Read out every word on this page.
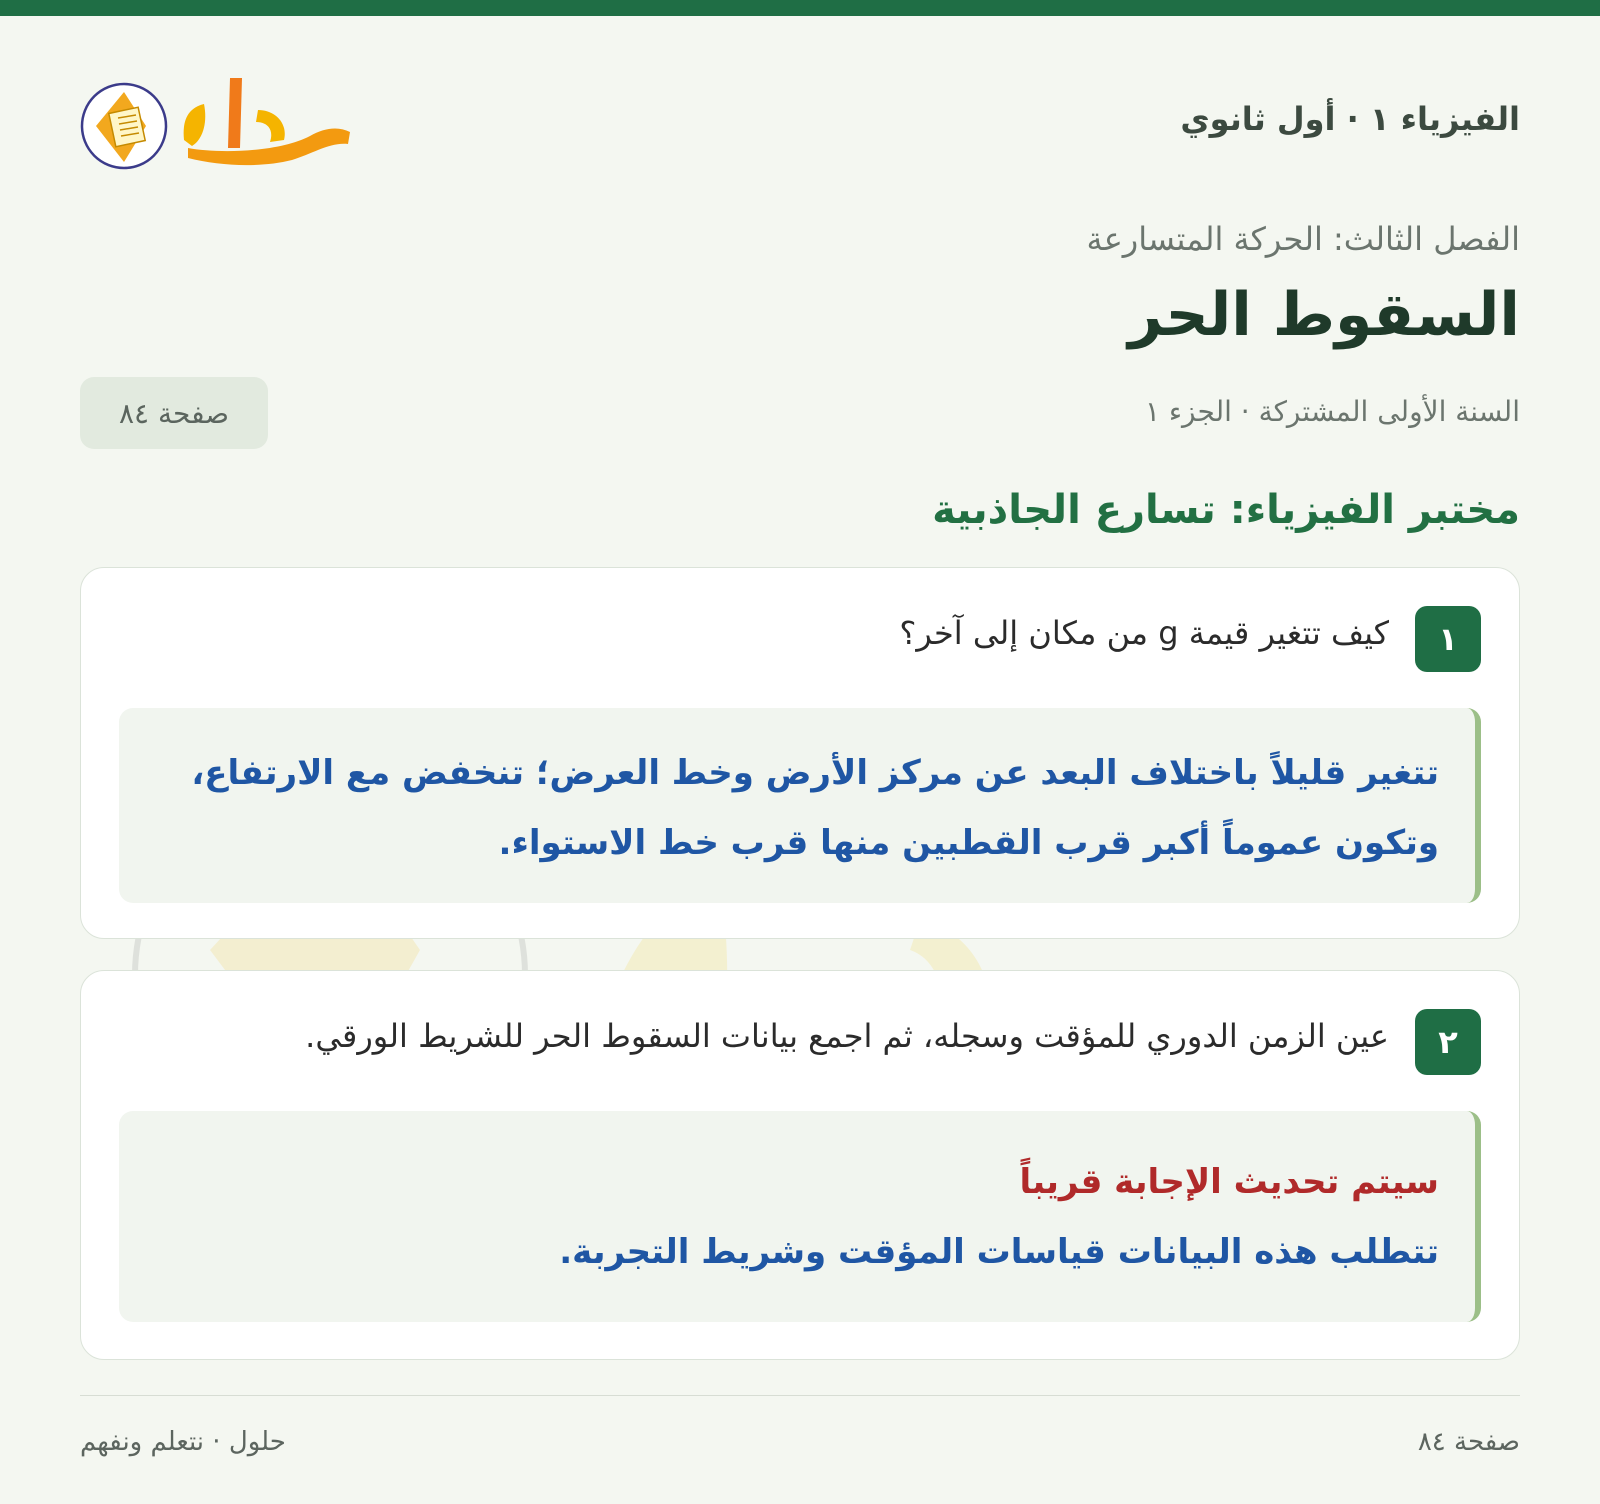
الفيزياء ١ · أول ثانوي
الفصل الثالث: الحركة المتسارعة
السقوط الحر
السنة الأولى المشتركة · الجزء ١
صفحة ٨٤
مختبر الفيزياء: تسارع الجاذبية
١
كيف تتغير قيمة g من مكان إلى آخر؟
تتغير قليلاً باختلاف البعد عن مركز الأرض وخط العرض؛ تنخفض مع الارتفاع، وتكون عموماً أكبر قرب القطبين منها قرب خط الاستواء.
٢
عين الزمن الدوري للمؤقت وسجله، ثم اجمع بيانات السقوط الحر للشريط الورقي.
سيتم تحديث الإجابة قريباً
تتطلب هذه البيانات قياسات المؤقت وشريط التجربة.
صفحة ٨٤
حلول · نتعلم ونفهم
